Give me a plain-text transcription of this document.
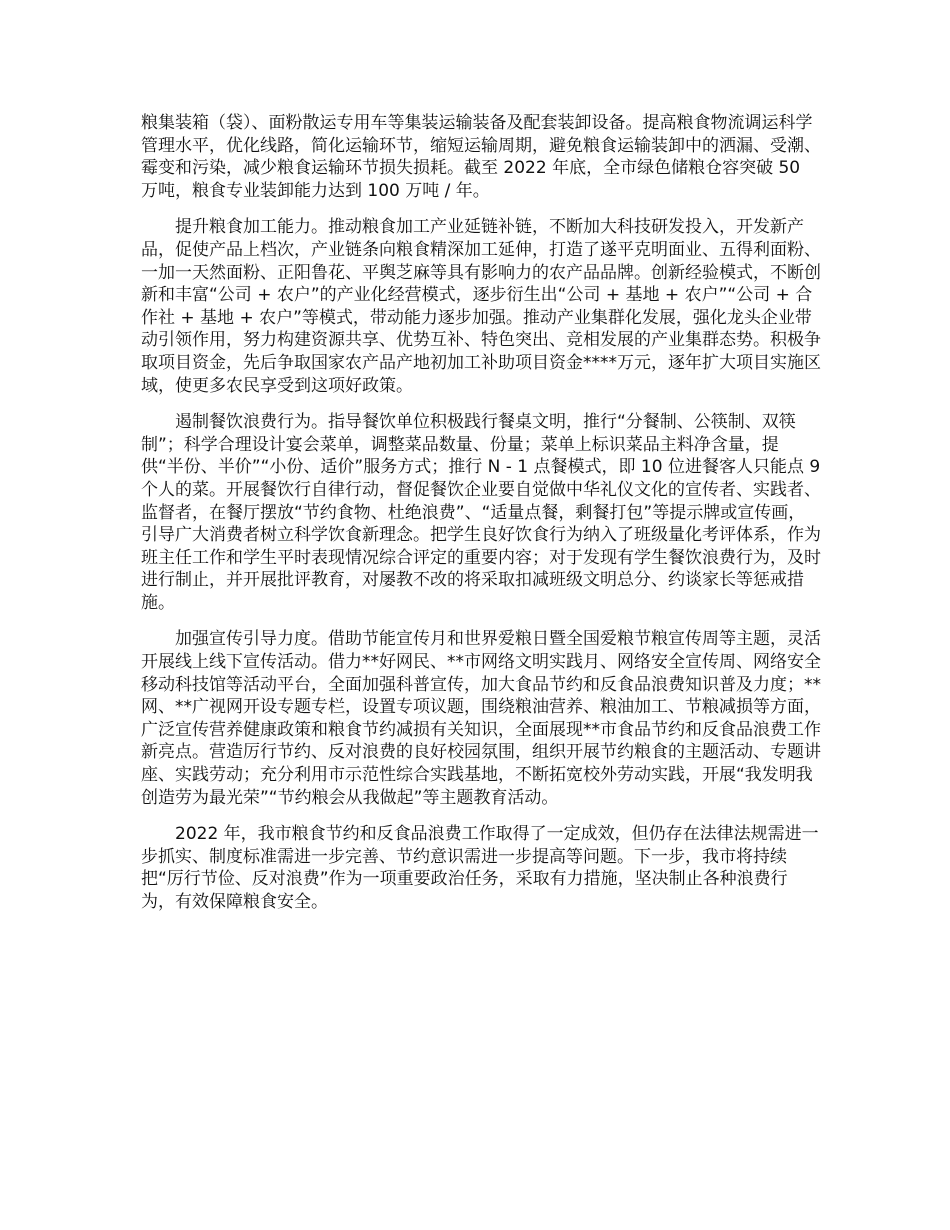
粮集装箱（袋）、面粉散运专用车等集装运输装备及配套装卸设备。提高粮食物流调运科学管理水平，优化线路，简化运输环节，缩短运输周期，避免粮食运输装卸中的洒漏、受潮、霉变和污染，减少粮食运输环节损失损耗。截至 2022 年底，全市绿色储粮仓容突破 50 万吨，粮食专业装卸能力达到 100 万吨 / 年。

提升粮食加工能力。推动粮食加工产业延链补链，不断加大科技研发投入，开发新产品，促使产品上档次，产业链条向粮食精深加工延伸，打造了遂平克明面业、五得利面粉、一加一天然面粉、正阳鲁花、平舆芝麻等具有影响力的农产品品牌。创新经验模式，不断创新和丰富“公司 + 农户”的产业化经营模式，逐步衍生出“公司 + 基地 + 农户”“公司 + 合作社 + 基地 + 农户”等模式，带动能力逐步加强。推动产业集群化发展，强化龙头企业带动引领作用，努力构建资源共享、优势互补、特色突出、竞相发展的产业集群态势。积极争取项目资金，先后争取国家农产品产地初加工补助项目资金****万元，逐年扩大项目实施区域，使更多农民享受到这项好政策。

遏制餐饮浪费行为。指导餐饮单位积极践行餐桌文明，推行“分餐制、公筷制、双筷制”；科学合理设计宴会菜单，调整菜品数量、份量；菜单上标识菜品主料净含量，提供“半份、半价”“小份、适价”服务方式；推行 N - 1 点餐模式，即 10 位进餐客人只能点 9 个人的菜。开展餐饮行自律行动，督促餐饮企业要自觉做中华礼仪文化的宣传者、实践者、监督者，在餐厅摆放“节约食物、杜绝浪费”、“适量点餐，剩餐打包”等提示牌或宣传画，引导广大消费者树立科学饮食新理念。把学生良好饮食行为纳入了班级量化考评体系，作为班主任工作和学生平时表现情况综合评定的重要内容；对于发现有学生餐饮浪费行为，及时进行制止，并开展批评教育，对屡教不改的将采取扣减班级文明总分、约谈家长等惩戒措施。

加强宣传引导力度。借助节能宣传月和世界爱粮日暨全国爱粮节粮宣传周等主题，灵活开展线上线下宣传活动。借力**好网民、**市网络文明实践月、网络安全宣传周、网络安全移动科技馆等活动平台，全面加强科普宣传，加大食品节约和反食品浪费知识普及力度；**网、**广视网开设专题专栏，设置专项议题，围绕粮油营养、粮油加工、节粮减损等方面，广泛宣传营养健康政策和粮食节约减损有关知识，全面展现**市食品节约和反食品浪费工作新亮点。营造厉行节约、反对浪费的良好校园氛围，组织开展节约粮食的主题活动、专题讲座、实践劳动；充分利用市示范性综合实践基地，不断拓宽校外劳动实践，开展“我发明我创造劳为最光荣”“节约粮会从我做起”等主题教育活动。

2022 年，我市粮食节约和反食品浪费工作取得了一定成效，但仍存在法律法规需进一步抓实、制度标准需进一步完善、节约意识需进一步提高等问题。下一步，我市将持续把“厉行节俭、反对浪费”作为一项重要政治任务，采取有力措施，坚决制止各种浪费行为，有效保障粮食安全。
